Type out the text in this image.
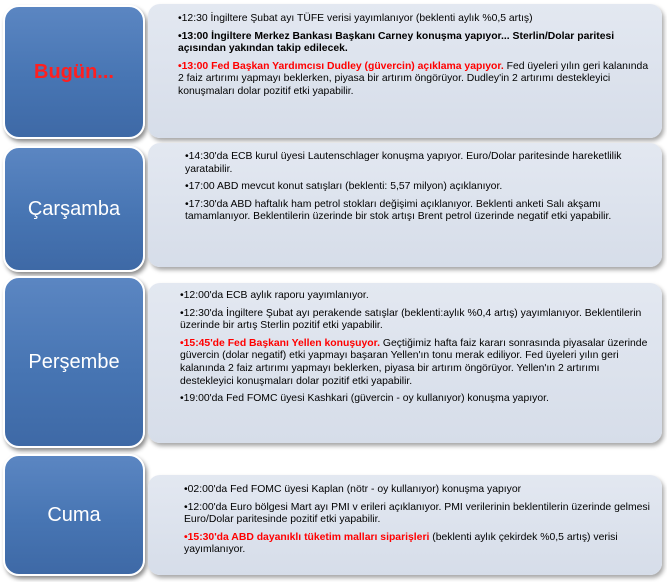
Bugün...
•12:30 İngiltere Şubat ayı TÜFE verisi yayımlanıyor (beklenti aylık %0,5 artış)
•13:00 İngiltere Merkez Bankası Başkanı Carney konuşma yapıyor... Sterlin/Dolar paritesi açısından yakından takip edilecek.
•13:00 Fed Başkan Yardımcısı Dudley (güvercin) açıklama yapıyor. Fed üyeleri yılın geri kalanında 2 faiz artırımı yapmayı beklerken, piyasa bir artırım öngörüyor. Dudley'in 2 artırımı destekleyici konuşmaları dolar pozitif etki yapabilir.
Çarşamba
•14:30'da ECB kurul üyesi Lautenschlager konuşma yapıyor. Euro/Dolar paritesinde hareketlilik yaratabilir.
•17:00 ABD mevcut konut satışları (beklenti: 5,57 milyon) açıklanıyor.
•17:30'da ABD haftalık ham petrol stokları değişimi açıklanıyor. Beklenti anketi Salı akşamı tamamlanıyor. Beklentilerin üzerinde bir stok artışı Brent petrol üzerinde negatif etki yapabilir.
Perşembe
•12:00'da ECB aylık raporu yayımlanıyor.
•12:30'da İngiltere Şubat ayı perakende satışlar (beklenti:aylık %0,4 artış) yayımlanıyor. Beklentilerin üzerinde bir artış Sterlin pozitif etki yapabilir.
•15:45'de Fed Başkanı Yellen konuşuyor. Geçtiğimiz hafta faiz kararı sonrasında piyasalar üzerinde güvercin (dolar negatif) etki yapmayı başaran Yellen'ın tonu merak ediliyor. Fed üyeleri yılın geri kalanında 2 faiz artırımı yapmayı beklerken, piyasa bir artırım öngörüyor. Yellen'ın 2 artırımı destekleyici konuşmaları dolar pozitif etki yapabilir.
•19:00'da Fed FOMC üyesi Kashkari (güvercin - oy kullanıyor) konuşma yapıyor.
Cuma
•02:00'da Fed FOMC üyesi Kaplan (nötr - oy kullanıyor) konuşma yapıyor
•12:00'da Euro bölgesi Mart ayı PMI v erileri açıklanıyor. PMI verilerinin beklentilerin üzerinde gelmesi Euro/Dolar paritesinde pozitif etki yapabilir.
•15:30'da ABD dayanıklı tüketim malları siparişleri (beklenti aylık çekirdek %0,5 artış) verisi yayımlanıyor.
